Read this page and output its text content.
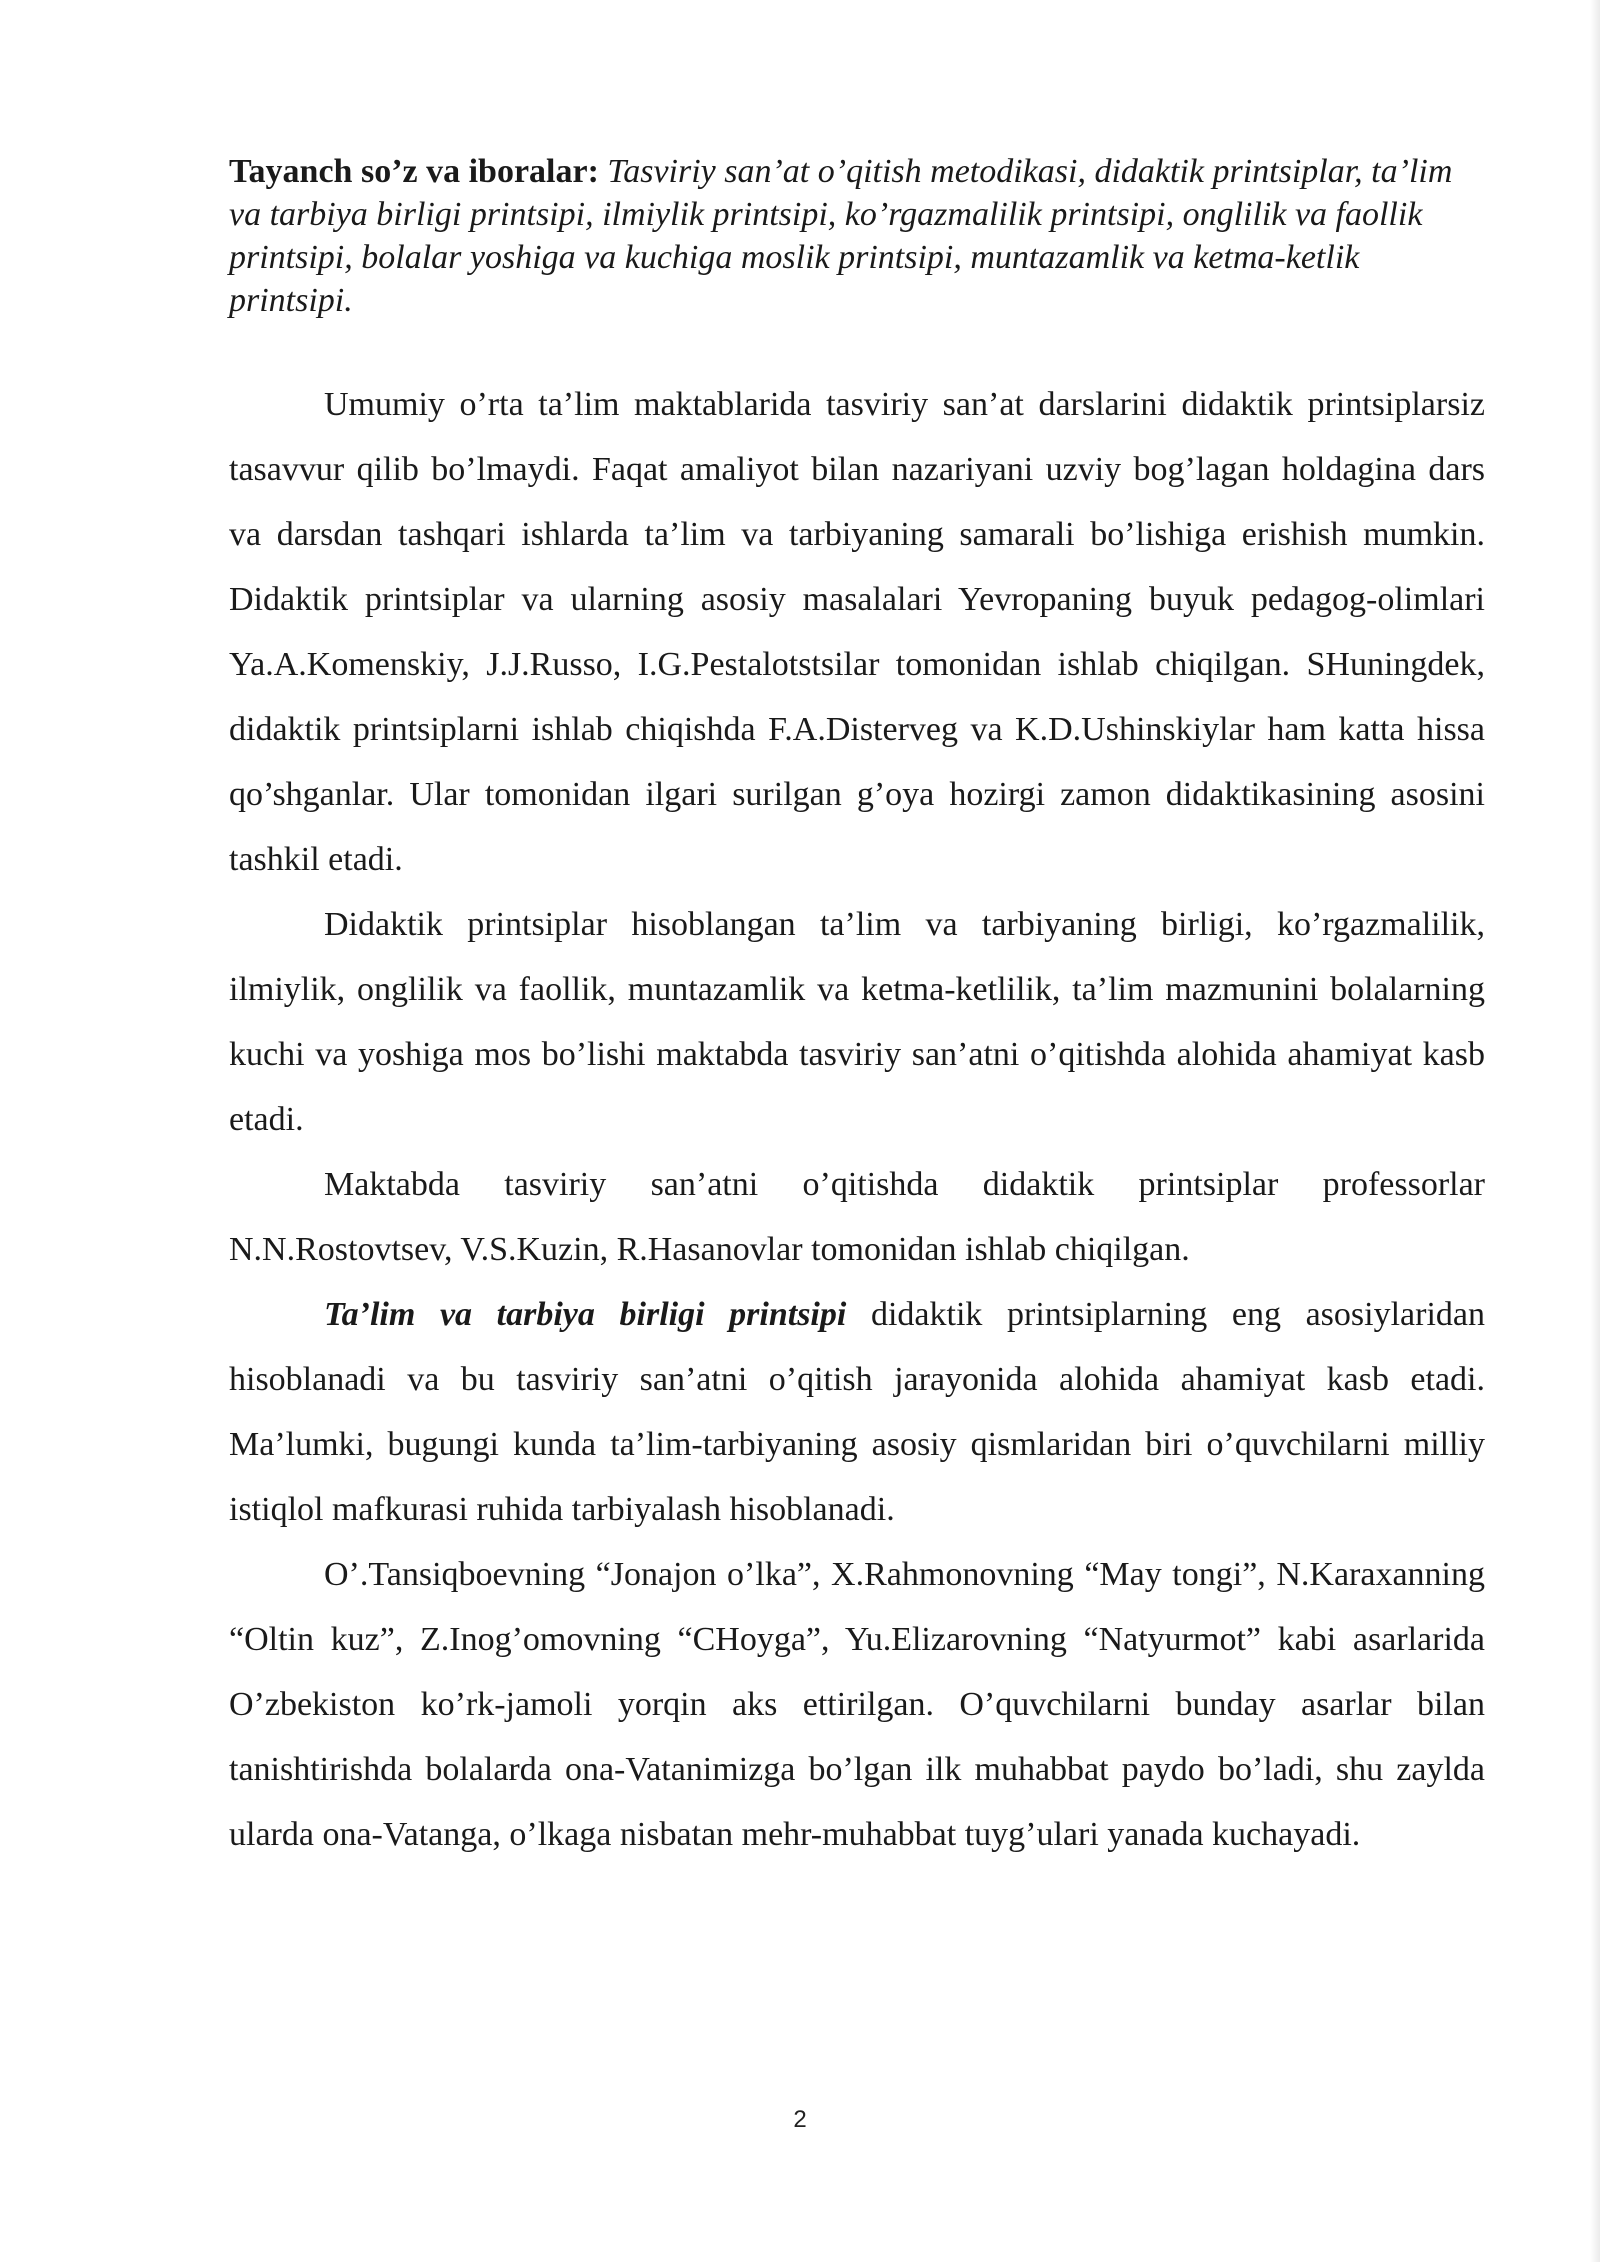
Tayanch so’z va iboralar: Tasviriy san’at o’qitish metodikasi, didaktik printsiplar, ta’lim va tarbiya birligi printsipi, ilmiylik printsipi, ko’rgazmalilik printsipi, onglilik va faollik printsipi, bolalar yoshiga va kuchiga moslik printsipi, muntazamlik va ketma-ketlik printsipi.

Umumiy o’rta ta’lim maktablarida tasviriy san’at darslarini didaktik printsiplarsiz tasavvur qilib bo’lmaydi. Faqat amaliyot bilan nazariyani uzviy bog’lagan holdagina dars va darsdan tashqari ishlarda ta’lim va tarbiyaning samarali bo’lishiga erishish mumkin. Didaktik printsiplar va ularning asosiy masalalari Yevropaning buyuk pedagog-olimlari Ya.A.Komenskiy, J.J.Russo, I.G.Pestalotstsilar tomonidan ishlab chiqilgan. SHuningdek, didaktik printsiplarni ishlab chiqishda F.A.Disterveg va K.D.Ushinskiylar ham katta hissa qo’shganlar. Ular tomonidan ilgari surilgan g’oya hozirgi zamon didaktikasining asosini tashkil etadi.

Didaktik printsiplar hisoblangan ta’lim va tarbiyaning birligi, ko’rgazmalilik, ilmiylik, onglilik va faollik, muntazamlik va ketma-ketlilik, ta’lim mazmunini bolalarning kuchi va yoshiga mos bo’lishi maktabda tasviriy san’atni o’qitishda alohida ahamiyat kasb etadi.

Maktabda tasviriy san’atni o’qitishda didaktik printsiplar professorlar N.N.Rostovtsev, V.S.Kuzin, R.Hasanovlar tomonidan ishlab chiqilgan.

Ta’lim va tarbiya birligi printsipi didaktik printsiplarning eng asosiylaridan hisoblanadi va bu tasviriy san’atni o’qitish jarayonida alohida ahamiyat kasb etadi. Ma’lumki, bugungi kunda ta’lim-tarbiyaning asosiy qismlaridan biri o’quvchilarni milliy istiqlol mafkurasi ruhida tarbiyalash hisoblanadi.

O’.Tansiqboevning “Jonajon o’lka”, X.Rahmonovning “May tongi”, N.Karaxanning “Oltin kuz”, Z.Inog’omovning “CHoyga”, Yu.Elizarovning “Natyurmot” kabi asarlarida O’zbekiston ko’rk-jamoli yorqin aks ettirilgan. O’quvchilarni bunday asarlar bilan tanishtirishda bolalarda ona-Vatanimizga bo’lgan ilk muhabbat paydo bo’ladi, shu zaylda ularda ona-Vatanga, o’lkaga nisbatan mehr-muhabbat tuyg’ulari yanada kuchayadi.

2
